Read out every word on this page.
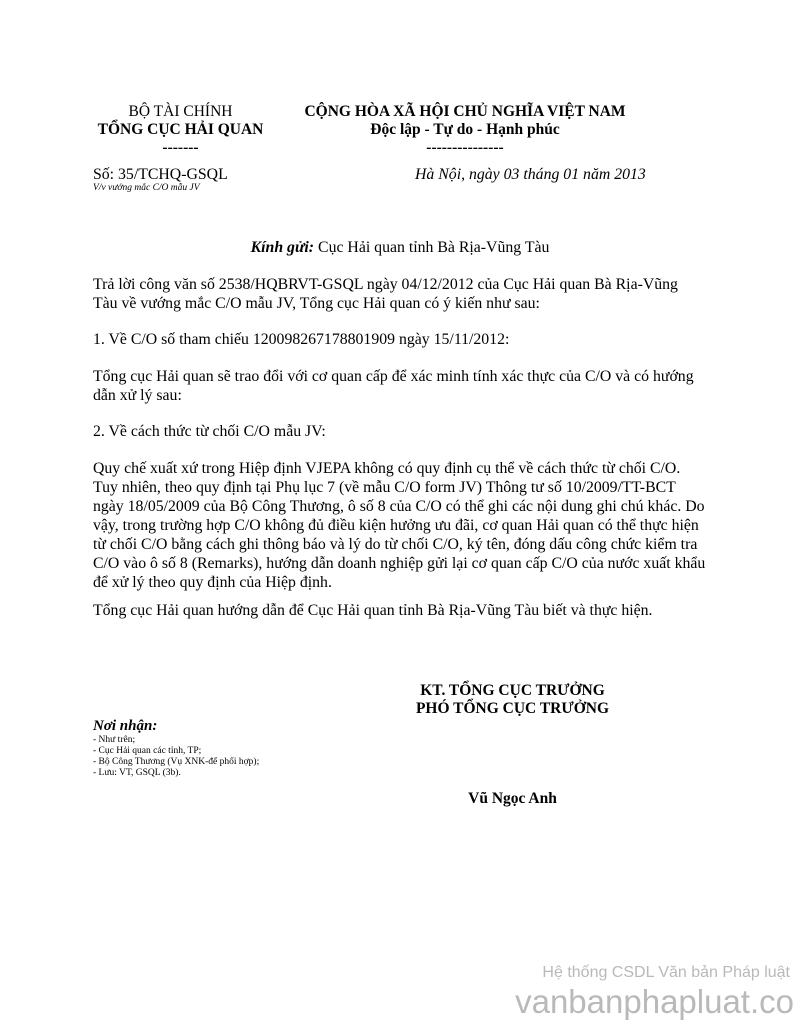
BỘ TÀI CHÍNH
TỔNG CỤC HẢI QUAN
-------
Số: 35/TCHQ-GSQL
V/v vướng mắc C/O mẫu JV
CỘNG HÒA XÃ HỘI CHỦ NGHĨA VIỆT NAM
Độc lập - Tự do - Hạnh phúc
---------------
Hà Nội, ngày 03 tháng 01 năm 2013
Kính gửi: Cục Hải quan tỉnh Bà Rịa-Vũng Tàu
Trả lời công văn số 2538/HQBRVT-GSQL ngày 04/12/2012 của Cục Hải quan Bà Rịa-Vũng
Tàu về vướng mắc C/O mẫu JV, Tổng cục Hải quan có ý kiến như sau:
1. Về C/O số tham chiếu 120098267178801909 ngày 15/11/2012:
Tổng cục Hải quan sẽ trao đổi với cơ quan cấp để xác minh tính xác thực của C/O và có hướng
dẫn xử lý sau:
2. Về cách thức từ chối C/O mẫu JV:
Quy chế xuất xứ trong Hiệp định VJEPA không có quy định cụ thể về cách thức từ chối C/O.
Tuy nhiên, theo quy định tại Phụ lục 7 (về mẫu C/O form JV) Thông tư số 10/2009/TT-BCT
ngày 18/05/2009 của Bộ Công Thương, ô số 8 của C/O có thể ghi các nội dung ghi chú khác. Do
vậy, trong trường hợp C/O không đủ điều kiện hưởng ưu đãi, cơ quan Hải quan có thể thực hiện
từ chối C/O bằng cách ghi thông báo và lý do từ chối C/O, ký tên, đóng dấu công chức kiểm tra
C/O vào ô số 8 (Remarks), hướng dẫn doanh nghiệp gửi lại cơ quan cấp C/O của nước xuất khẩu
để xử lý theo quy định của Hiệp định.
Tổng cục Hải quan hướng dẫn để Cục Hải quan tỉnh Bà Rịa-Vũng Tàu biết và thực hiện.
KT. TỔNG CỤC TRƯỞNG
PHÓ TỔNG CỤC TRƯỞNG
Vũ Ngọc Anh
Nơi nhận:
- Như trên;
- Cục Hải quan các tỉnh, TP;
- Bộ Công Thương (Vụ XNK-để phối hợp);
- Lưu: VT, GSQL (3b).
Hệ thống CSDL Văn bản Pháp luật
vanbanphapluat.co
